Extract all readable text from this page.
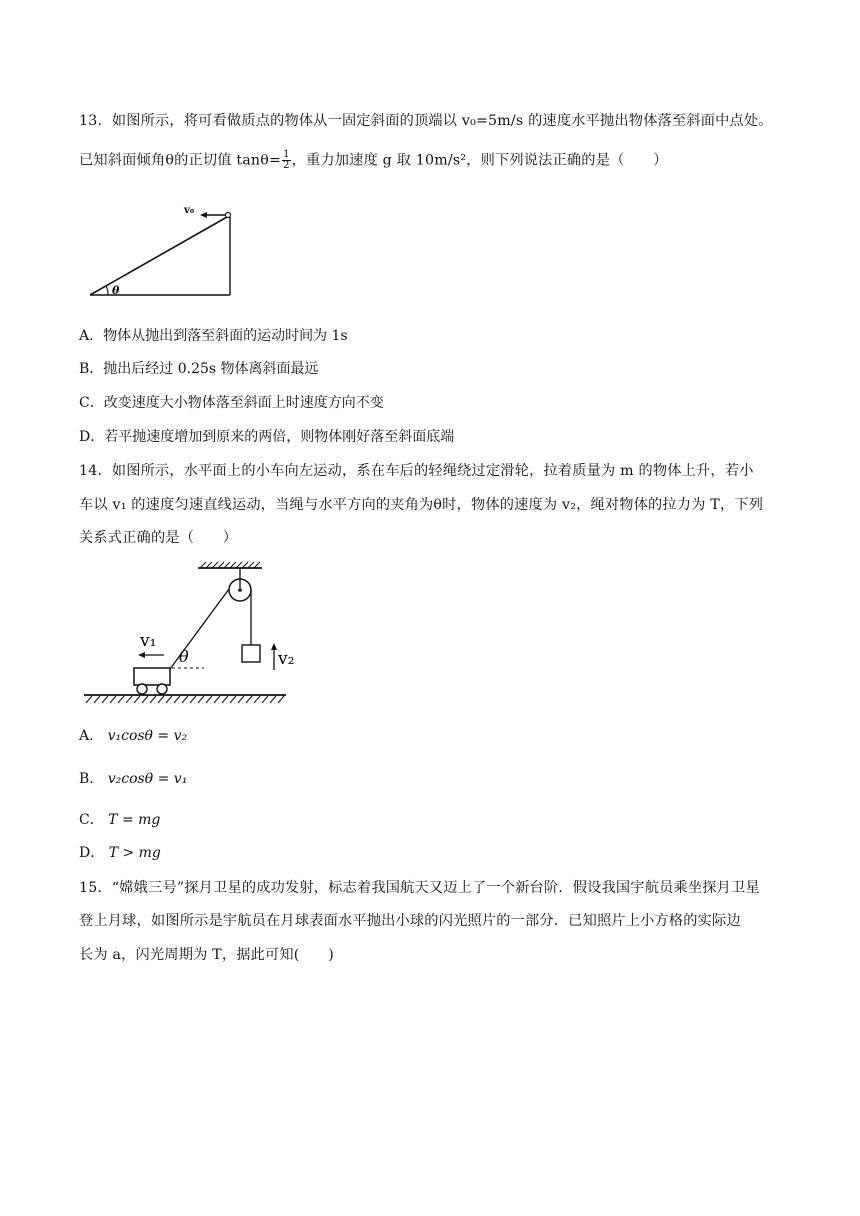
13．如图所示，将可看做质点的物体从一固定斜面的顶端以 v₀=5m/s 的速度水平抛出物体落至斜面中点处。
已知斜面倾角θ的正切值 $\tan\theta= \frac{1}{2}$ ，重力加速度 g 取 10m/s²，则下列说法正确的是（　　）
v₀
θ
A．物体从抛出到落至斜面的运动时间为 1s
B．抛出后经过 0.25s 物体离斜面最远
C．改变速度大小物体落至斜面上时速度方向不变
D．若平抛速度增加到原来的两倍，则物体刚好落至斜面底端
14．如图所示，水平面上的小车向左运动，系在车后的轻绳绕过定滑轮，拉着质量为 m 的物体上升，若小
车以 v₁ 的速度匀速直线运动，当绳与水平方向的夹角为θ时，物体的速度为 v₂，绳对物体的拉力为 T，下列
关系式正确的是（　　）
v₂
θ
v₁
A． v₁cosθ = v₂
B． v₂cosθ = v₁
C． T = mg
D． T > mg
15．“嫦娥三号”探月卫星的成功发射，标志着我国航天又迈上了一个新台阶．假设我国宇航员乘坐探月卫星
登上月球，如图所示是宇航员在月球表面水平抛出小球的闪光照片的一部分．已知照片上小方格的实际边
长为 a，闪光周期为 T，据此可知(　　)
